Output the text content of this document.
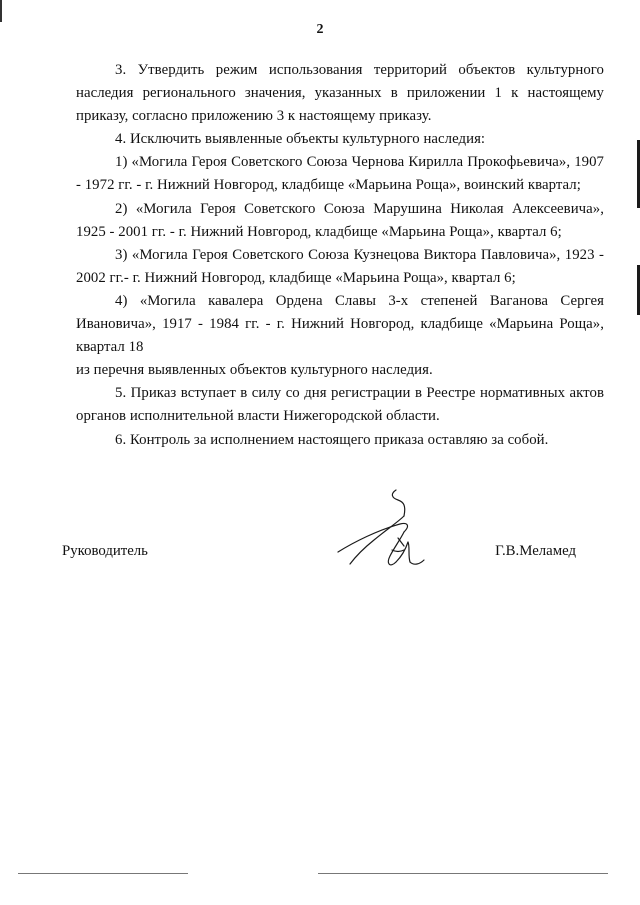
2

3. Утвердить режим использования территорий объектов культурного наследия регионального значения, указанных в приложении 1 к настоящему приказу, согласно приложению 3 к настоящему приказу.

4. Исключить выявленные объекты культурного наследия:

1) «Могила Героя Советского Союза Чернова Кирилла Прокофьевича», 1907 - 1972 гг. - г. Нижний Новгород, кладбище «Марьина Роща», воинский квартал;

2) «Могила Героя Советского Союза Марушина Николая Алексеевича», 1925 - 2001 гг. - г. Нижний Новгород, кладбище «Марьина Роща», квартал 6;

3) «Могила Героя Советского Союза Кузнецова Виктора Павловича», 1923 - 2002 гг.- г. Нижний Новгород, кладбище «Марьина Роща», квартал 6;

4) «Могила кавалера Ордена Славы 3-х степеней Ваганова Сергея Ивановича», 1917 - 1984 гг. - г. Нижний Новгород, кладбище «Марьина Роща», квартал 18

из перечня выявленных объектов культурного наследия.

5. Приказ вступает в силу со дня регистрации в Реестре нормативных актов органов исполнительной власти Нижегородской области.

6. Контроль за исполнением настоящего приказа оставляю за собой.

Руководитель	Г.В.Меламед
